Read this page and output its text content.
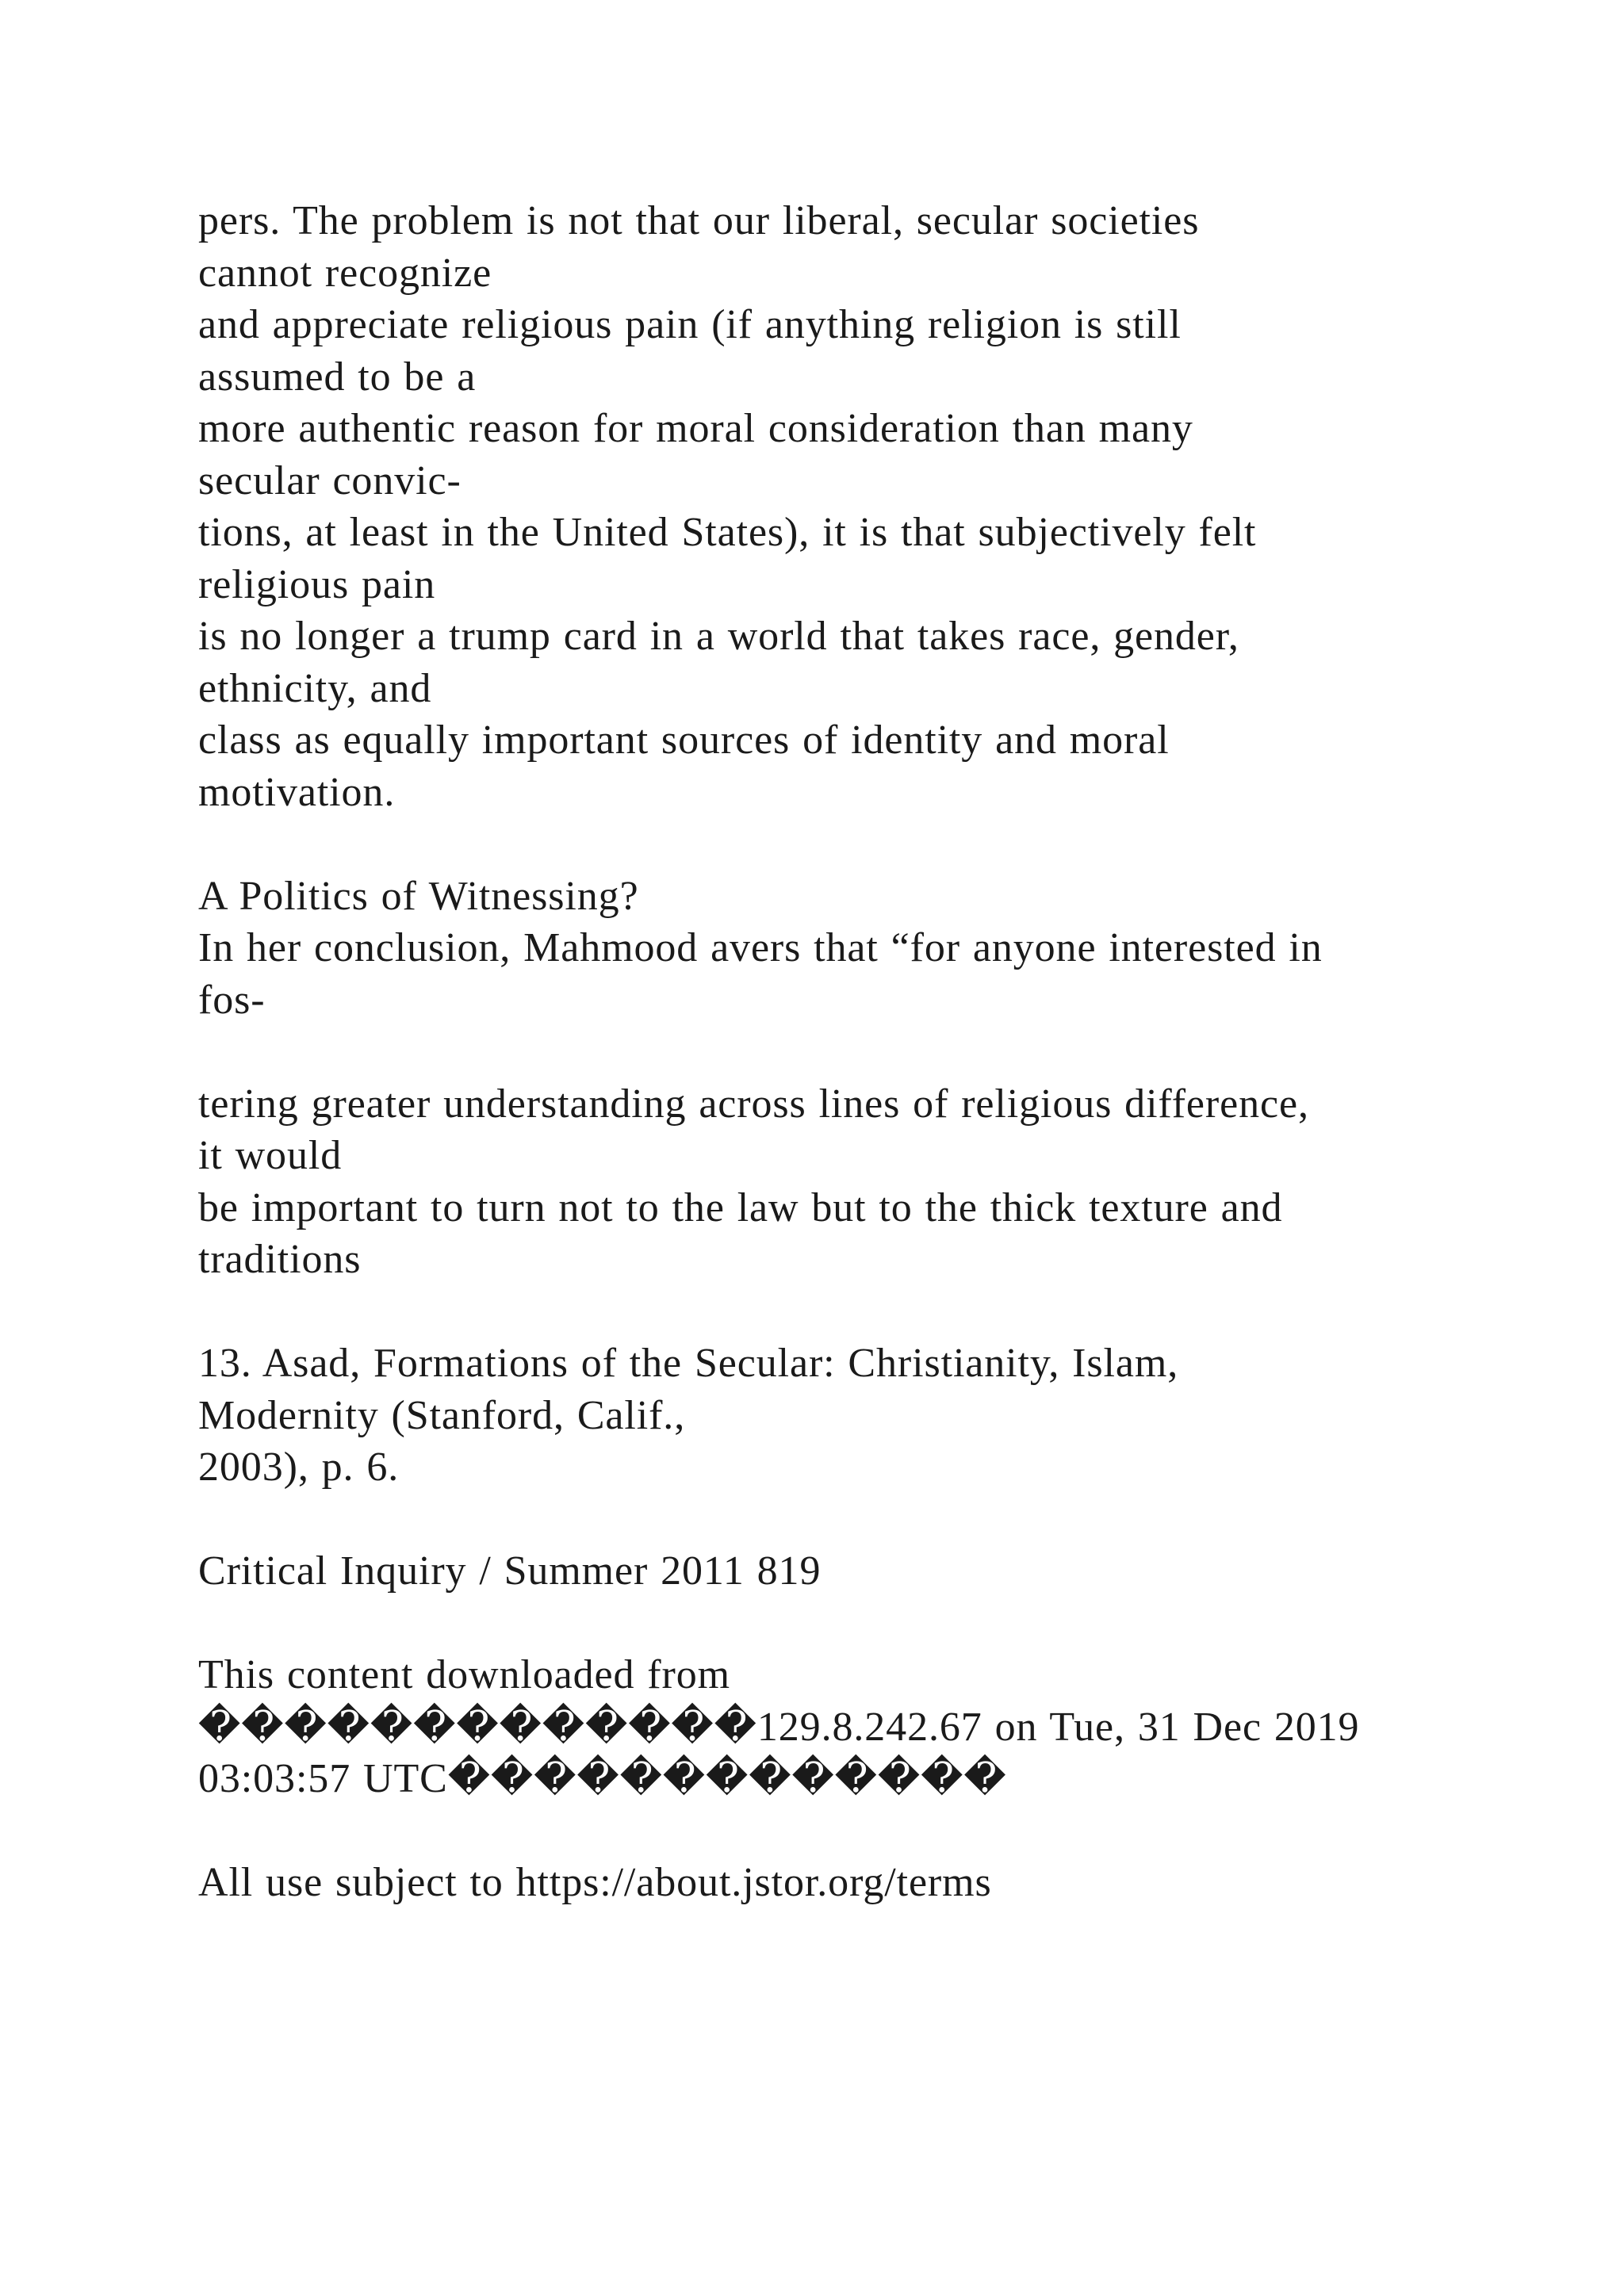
pers. The problem is not that our liberal, secular societies
cannot recognize
and appreciate religious pain (if anything religion is still
assumed to be a
more authentic reason for moral consideration than many
secular convic-
tions, at least in the United States), it is that subjectively felt
religious pain
is no longer a trump card in a world that takes race, gender,
ethnicity, and
class as equally important sources of identity and moral
motivation.
A Politics of Witnessing?
In her conclusion, Mahmood avers that “for anyone interested in
fos-
tering greater understanding across lines of religious difference,
it would
be important to turn not to the law but to the thick texture and
traditions
13. Asad, Formations of the Secular: Christianity, Islam,
Modernity (Stanford, Calif.,
2003), p. 6.
Critical Inquiry / Summer 2011 819
This content downloaded from
�������������129.8.242.67 on Tue, 31 Dec 2019
03:03:57 UTC�������������
All use subject to https://about.jstor.org/terms
